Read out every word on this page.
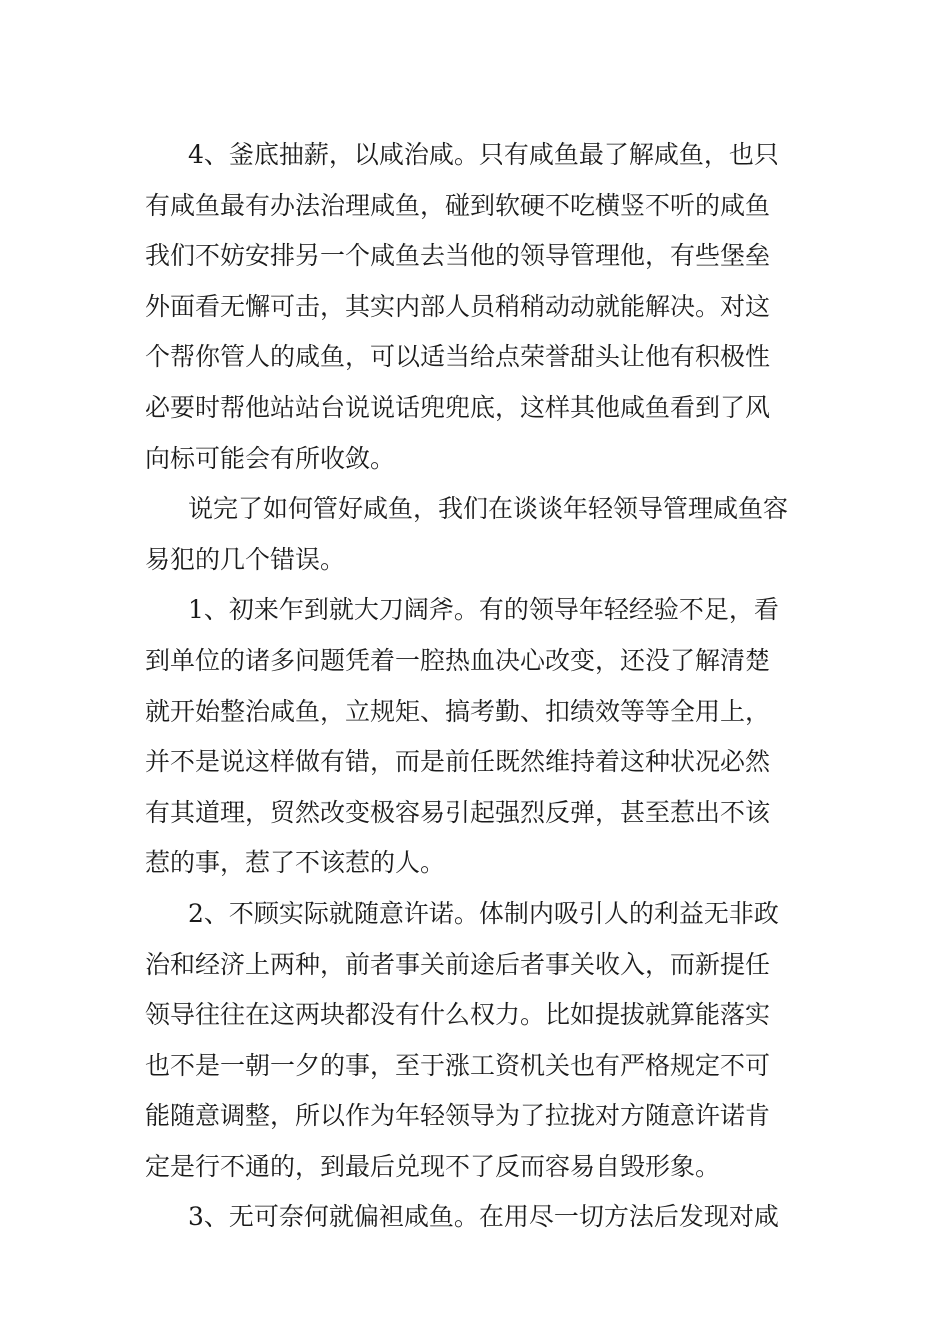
4、釜底抽薪，以咸治咸。只有咸鱼最了解咸鱼，也只
有咸鱼最有办法治理咸鱼，碰到软硬不吃横竖不听的咸鱼
我们不妨安排另一个咸鱼去当他的领导管理他，有些堡垒
外面看无懈可击，其实内部人员稍稍动动就能解决。对这
个帮你管人的咸鱼，可以适当给点荣誉甜头让他有积极性
必要时帮他站站台说说话兜兜底，这样其他咸鱼看到了风
向标可能会有所收敛。

说完了如何管好咸鱼，我们在谈谈年轻领导管理咸鱼容
易犯的几个错误。

1、初来乍到就大刀阔斧。有的领导年轻经验不足，看
到单位的诸多问题凭着一腔热血决心改变，还没了解清楚
就开始整治咸鱼，立规矩、搞考勤、扣绩效等等全用上，
并不是说这样做有错，而是前任既然维持着这种状况必然
有其道理，贸然改变极容易引起强烈反弹，甚至惹出不该
惹的事，惹了不该惹的人。

2、不顾实际就随意许诺。体制内吸引人的利益无非政
治和经济上两种，前者事关前途后者事关收入，而新提任
领导往往在这两块都没有什么权力。比如提拔就算能落实
也不是一朝一夕的事，至于涨工资机关也有严格规定不可
能随意调整，所以作为年轻领导为了拉拢对方随意许诺肯
定是行不通的，到最后兑现不了反而容易自毁形象。

3、无可奈何就偏袒咸鱼。在用尽一切方法后发现对咸
